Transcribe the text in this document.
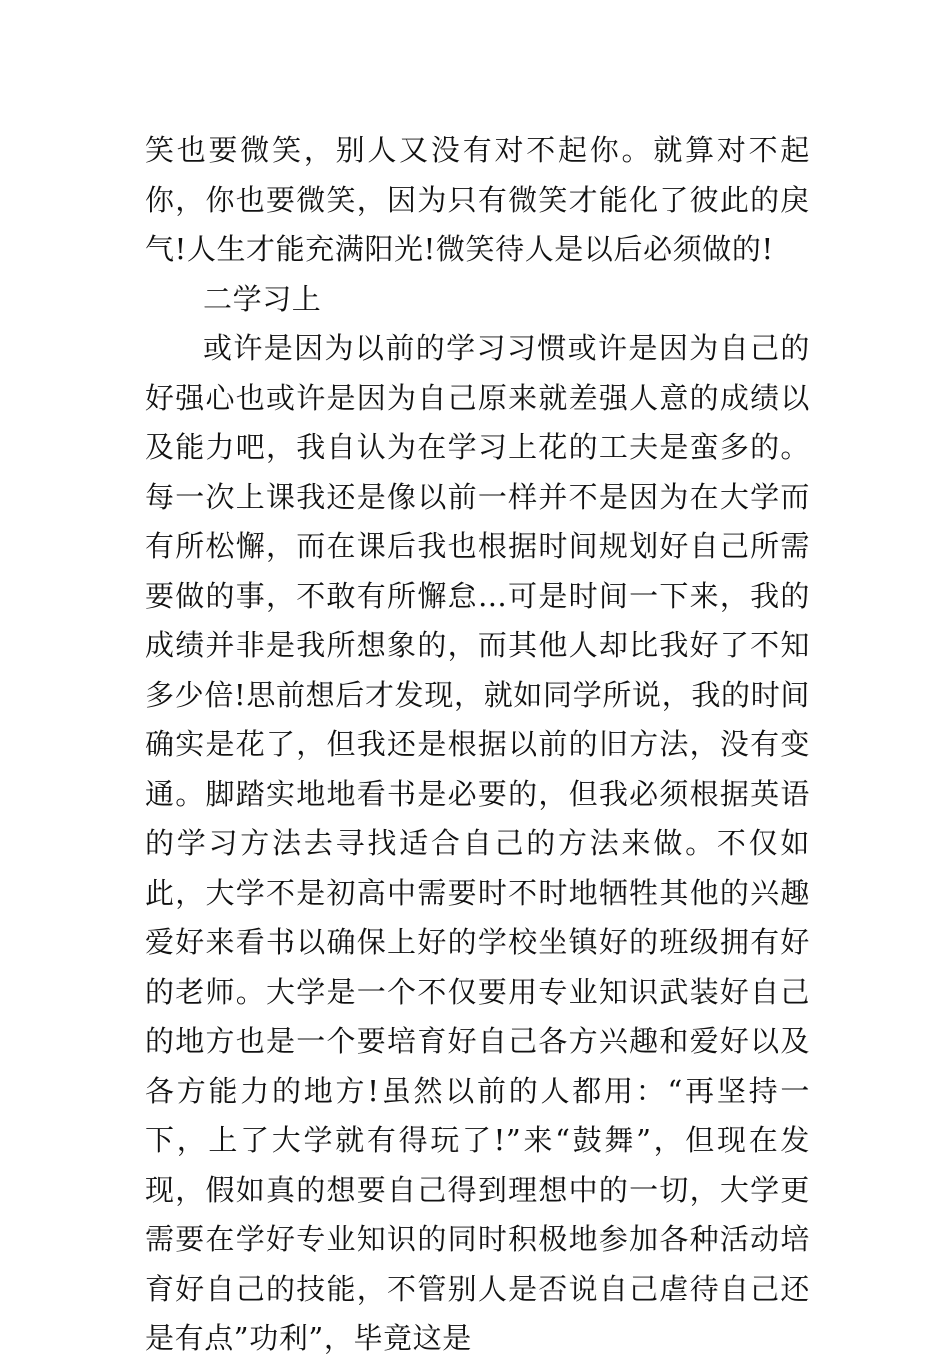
笑也要微笑，别人又没有对不起你。就算对不起你，你也要微笑，因为只有微笑才能化了彼此的戾气!人生才能充满阳光!微笑待人是以后必须做的!

二学习上

或许是因为以前的学习习惯或许是因为自己的好强心也或许是因为自己原来就差强人意的成绩以及能力吧，我自认为在学习上花的工夫是蛮多的。每一次上课我还是像以前一样并不是因为在大学而有所松懈，而在课后我也根据时间规划好自己所需要做的事，不敢有所懈怠…可是时间一下来，我的成绩并非是我所想象的，而其他人却比我好了不知多少倍!思前想后才发现，就如同学所说，我的时间确实是花了，但我还是根据以前的旧方法，没有变通。脚踏实地地看书是必要的，但我必须根据英语的学习方法去寻找适合自己的方法来做。不仅如此，大学不是初高中需要时不时地牺牲其他的兴趣爱好来看书以确保上好的学校坐镇好的班级拥有好的老师。大学是一个不仅要用专业知识武装好自己的地方也是一个要培育好自己各方兴趣和爱好以及各方能力的地方!虽然以前的人都用：“再坚持一下，上了大学就有得玩了!”来“鼓舞”，但现在发现，假如真的想要自己得到理想中的一切，大学更需要在学好专业知识的同时积极地参加各种活动培育好自己的技能，不管别人是否说自己虐待自己还是有点”功利”，毕竟这是
